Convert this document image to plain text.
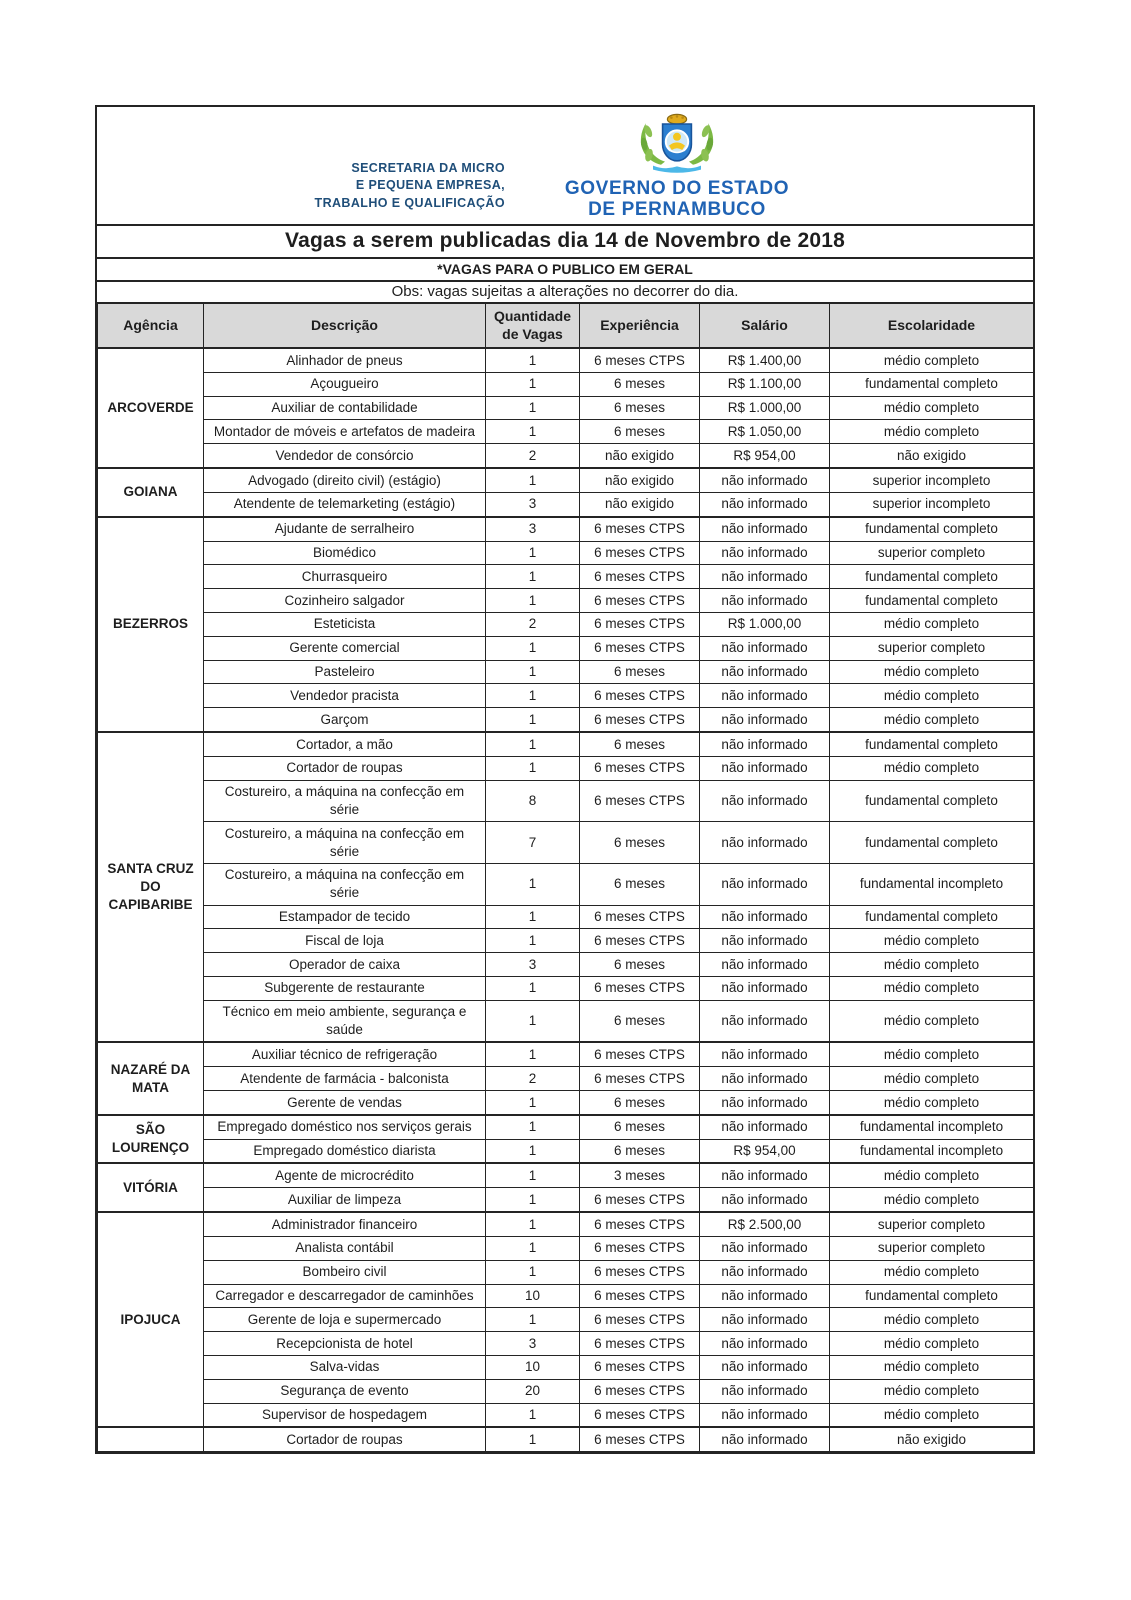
SECRETARIA DA MICRO
E PEQUENA EMPRESA,
TRABALHO E QUALIFICAÇÃO
GOVERNO DO ESTADO
DE PERNAMBUCO
Vagas a serem publicadas dia 14 de Novembro de 2018
*VAGAS PARA O PUBLICO EM GERAL
Obs: vagas sujeitas a alterações no decorrer do dia.
Agência	Descrição	Quantidade de Vagas	Experiência	Salário	Escolaridade
ARCOVERDE	Alinhador de pneus	1	6 meses CTPS	R$ 1.400,00	médio completo
	Açougueiro	1	6 meses	R$ 1.100,00	fundamental completo
	Auxiliar de contabilidade	1	6 meses	R$ 1.000,00	médio completo
	Montador de móveis e artefatos de madeira	1	6 meses	R$ 1.050,00	médio completo
	Vendedor de consórcio	2	não exigido	R$ 954,00	não exigido
GOIANA	Advogado (direito civil) (estágio)	1	não exigido	não informado	superior incompleto
	Atendente de telemarketing (estágio)	3	não exigido	não informado	superior incompleto
BEZERROS	Ajudante de serralheiro	3	6 meses CTPS	não informado	fundamental completo
	Biomédico	1	6 meses CTPS	não informado	superior completo
	Churrasqueiro	1	6 meses CTPS	não informado	fundamental completo
	Cozinheiro salgador	1	6 meses CTPS	não informado	fundamental completo
	Esteticista	2	6 meses CTPS	R$ 1.000,00	médio completo
	Gerente comercial	1	6 meses CTPS	não informado	superior completo
	Pasteleiro	1	6 meses	não informado	médio completo
	Vendedor pracista	1	6 meses CTPS	não informado	médio completo
	Garçom	1	6 meses CTPS	não informado	médio completo
SANTA CRUZ DO CAPIBARIBE	Cortador, a mão	1	6 meses	não informado	fundamental completo
	Cortador de roupas	1	6 meses CTPS	não informado	médio completo
	Costureiro, a máquina na confecção em série	8	6 meses CTPS	não informado	fundamental completo
	Costureiro, a máquina na confecção em série	7	6 meses	não informado	fundamental completo
	Costureiro, a máquina na confecção em série	1	6 meses	não informado	fundamental incompleto
	Estampador de tecido	1	6 meses CTPS	não informado	fundamental completo
	Fiscal de loja	1	6 meses CTPS	não informado	médio completo
	Operador de caixa	3	6 meses	não informado	médio completo
	Subgerente de restaurante	1	6 meses CTPS	não informado	médio completo
	Técnico em meio ambiente, segurança e saúde	1	6 meses	não informado	médio completo
NAZARÉ DA MATA	Auxiliar técnico de refrigeração	1	6 meses CTPS	não informado	médio completo
	Atendente de farmácia - balconista	2	6 meses CTPS	não informado	médio completo
	Gerente de vendas	1	6 meses	não informado	médio completo
SÃO LOURENÇO	Empregado doméstico nos serviços gerais	1	6 meses	não informado	fundamental incompleto
	Empregado doméstico diarista	1	6 meses	R$ 954,00	fundamental incompleto
VITÓRIA	Agente de microcrédito	1	3 meses	não informado	médio completo
	Auxiliar de limpeza	1	6 meses CTPS	não informado	médio completo
IPOJUCA	Administrador financeiro	1	6 meses CTPS	R$ 2.500,00	superior completo
	Analista contábil	1	6 meses CTPS	não informado	superior completo
	Bombeiro civil	1	6 meses CTPS	não informado	médio completo
	Carregador e descarregador de caminhões	10	6 meses CTPS	não informado	fundamental completo
	Gerente de loja e supermercado	1	6 meses CTPS	não informado	médio completo
	Recepcionista de hotel	3	6 meses CTPS	não informado	médio completo
	Salva-vidas	10	6 meses CTPS	não informado	médio completo
	Segurança de evento	20	6 meses CTPS	não informado	médio completo
	Supervisor de hospedagem	1	6 meses CTPS	não informado	médio completo
	Cortador de roupas	1	6 meses CTPS	não informado	não exigido
